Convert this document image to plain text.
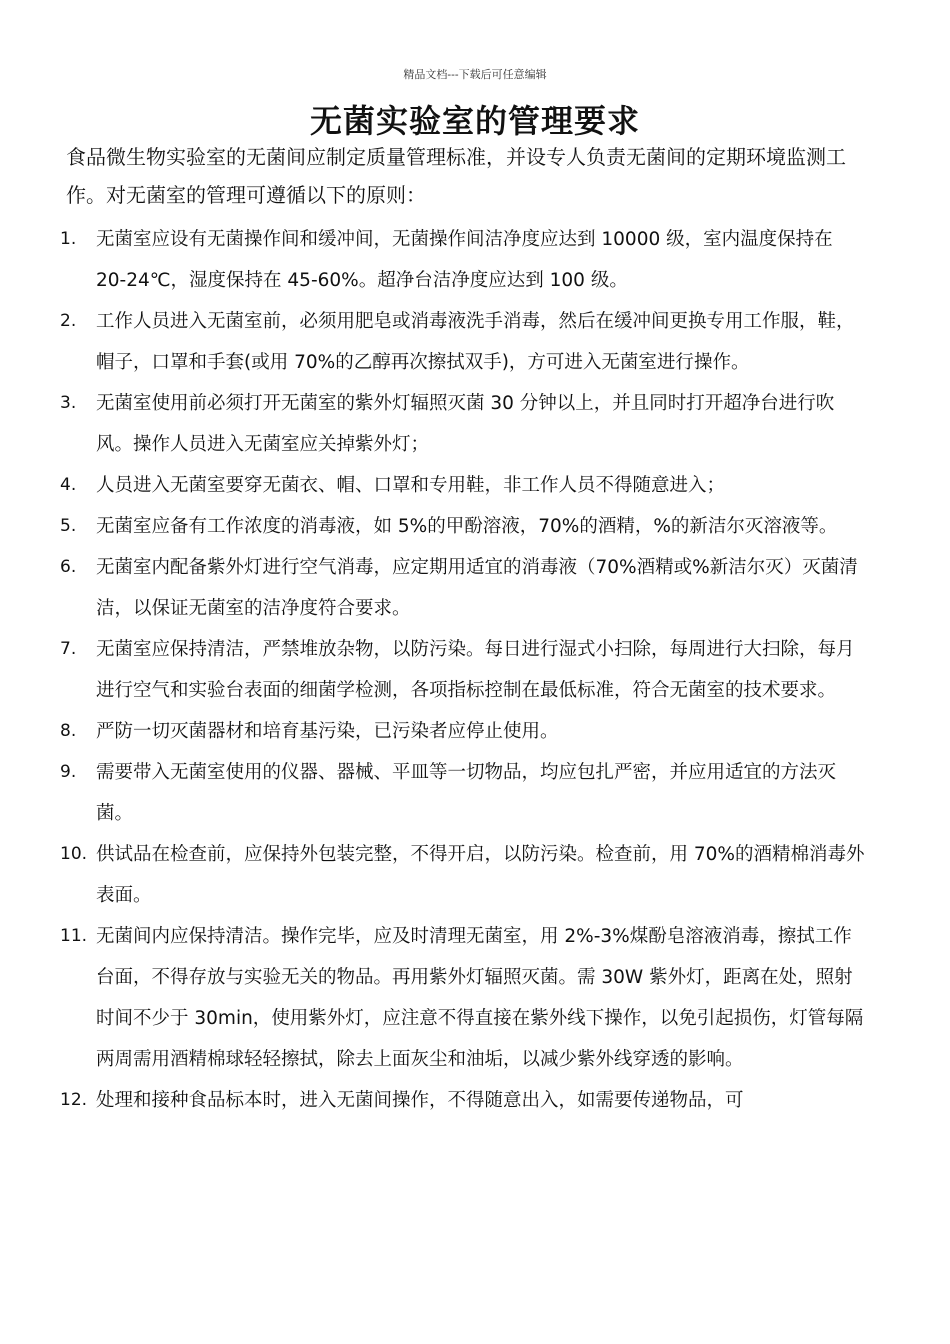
精品文档---下载后可任意编辑
无菌实验室的管理要求

食品微生物实验室的无菌间应制定质量管理标准，并设专人负责无菌间的定期环境监测工作。对无菌室的管理可遵循以下的原则：

1.	无菌室应设有无菌操作间和缓冲间，无菌操作间洁净度应达到 10000 级，室内温度保持在 20-24℃，湿度保持在 45-60%。超净台洁净度应达到 100 级。
2.	工作人员进入无菌室前，必须用肥皂或消毒液洗手消毒，然后在缓冲间更换专用工作服，鞋，帽子，口罩和手套(或用 70%的乙醇再次擦拭双手)，方可进入无菌室进行操作。
3.	无菌室使用前必须打开无菌室的紫外灯辐照灭菌 30 分钟以上，并且同时打开超净台进行吹风。操作人员进入无菌室应关掉紫外灯；
4.	人员进入无菌室要穿无菌衣、帽、口罩和专用鞋，非工作人员不得随意进入；
5.	无菌室应备有工作浓度的消毒液，如 5%的甲酚溶液，70%的酒精，%的新洁尔灭溶液等。
6.	无菌室内配备紫外灯进行空气消毒，应定期用适宜的消毒液（70%酒精或%新洁尔灭）灭菌清洁，以保证无菌室的洁净度符合要求。
7.	无菌室应保持清洁，严禁堆放杂物，以防污染。每日进行湿式小扫除，每周进行大扫除，每月进行空气和实验台表面的细菌学检测，各项指标控制在最低标准，符合无菌室的技术要求。
8.	严防一切灭菌器材和培育基污染，已污染者应停止使用。
9.	需要带入无菌室使用的仪器、器械、平皿等一切物品，均应包扎严密，并应用适宜的方法灭菌。
10. 供试品在检查前，应保持外包装完整，不得开启，以防污染。检查前，用 70%的酒精棉消毒外表面。
11. 无菌间内应保持清洁。操作完毕，应及时清理无菌室，用 2%-3%煤酚皂溶液消毒，擦拭工作台面，不得存放与实验无关的物品。再用紫外灯辐照灭菌。需 30W 紫外灯，距离在处，照射时间不少于 30min，使用紫外灯，应注意不得直接在紫外线下操作，以免引起损伤，灯管每隔两周需用酒精棉球轻轻擦拭，除去上面灰尘和油垢，以减少紫外线穿透的影响。
12. 处理和接种食品标本时，进入无菌间操作，不得随意出入，如需要传递物品，可
